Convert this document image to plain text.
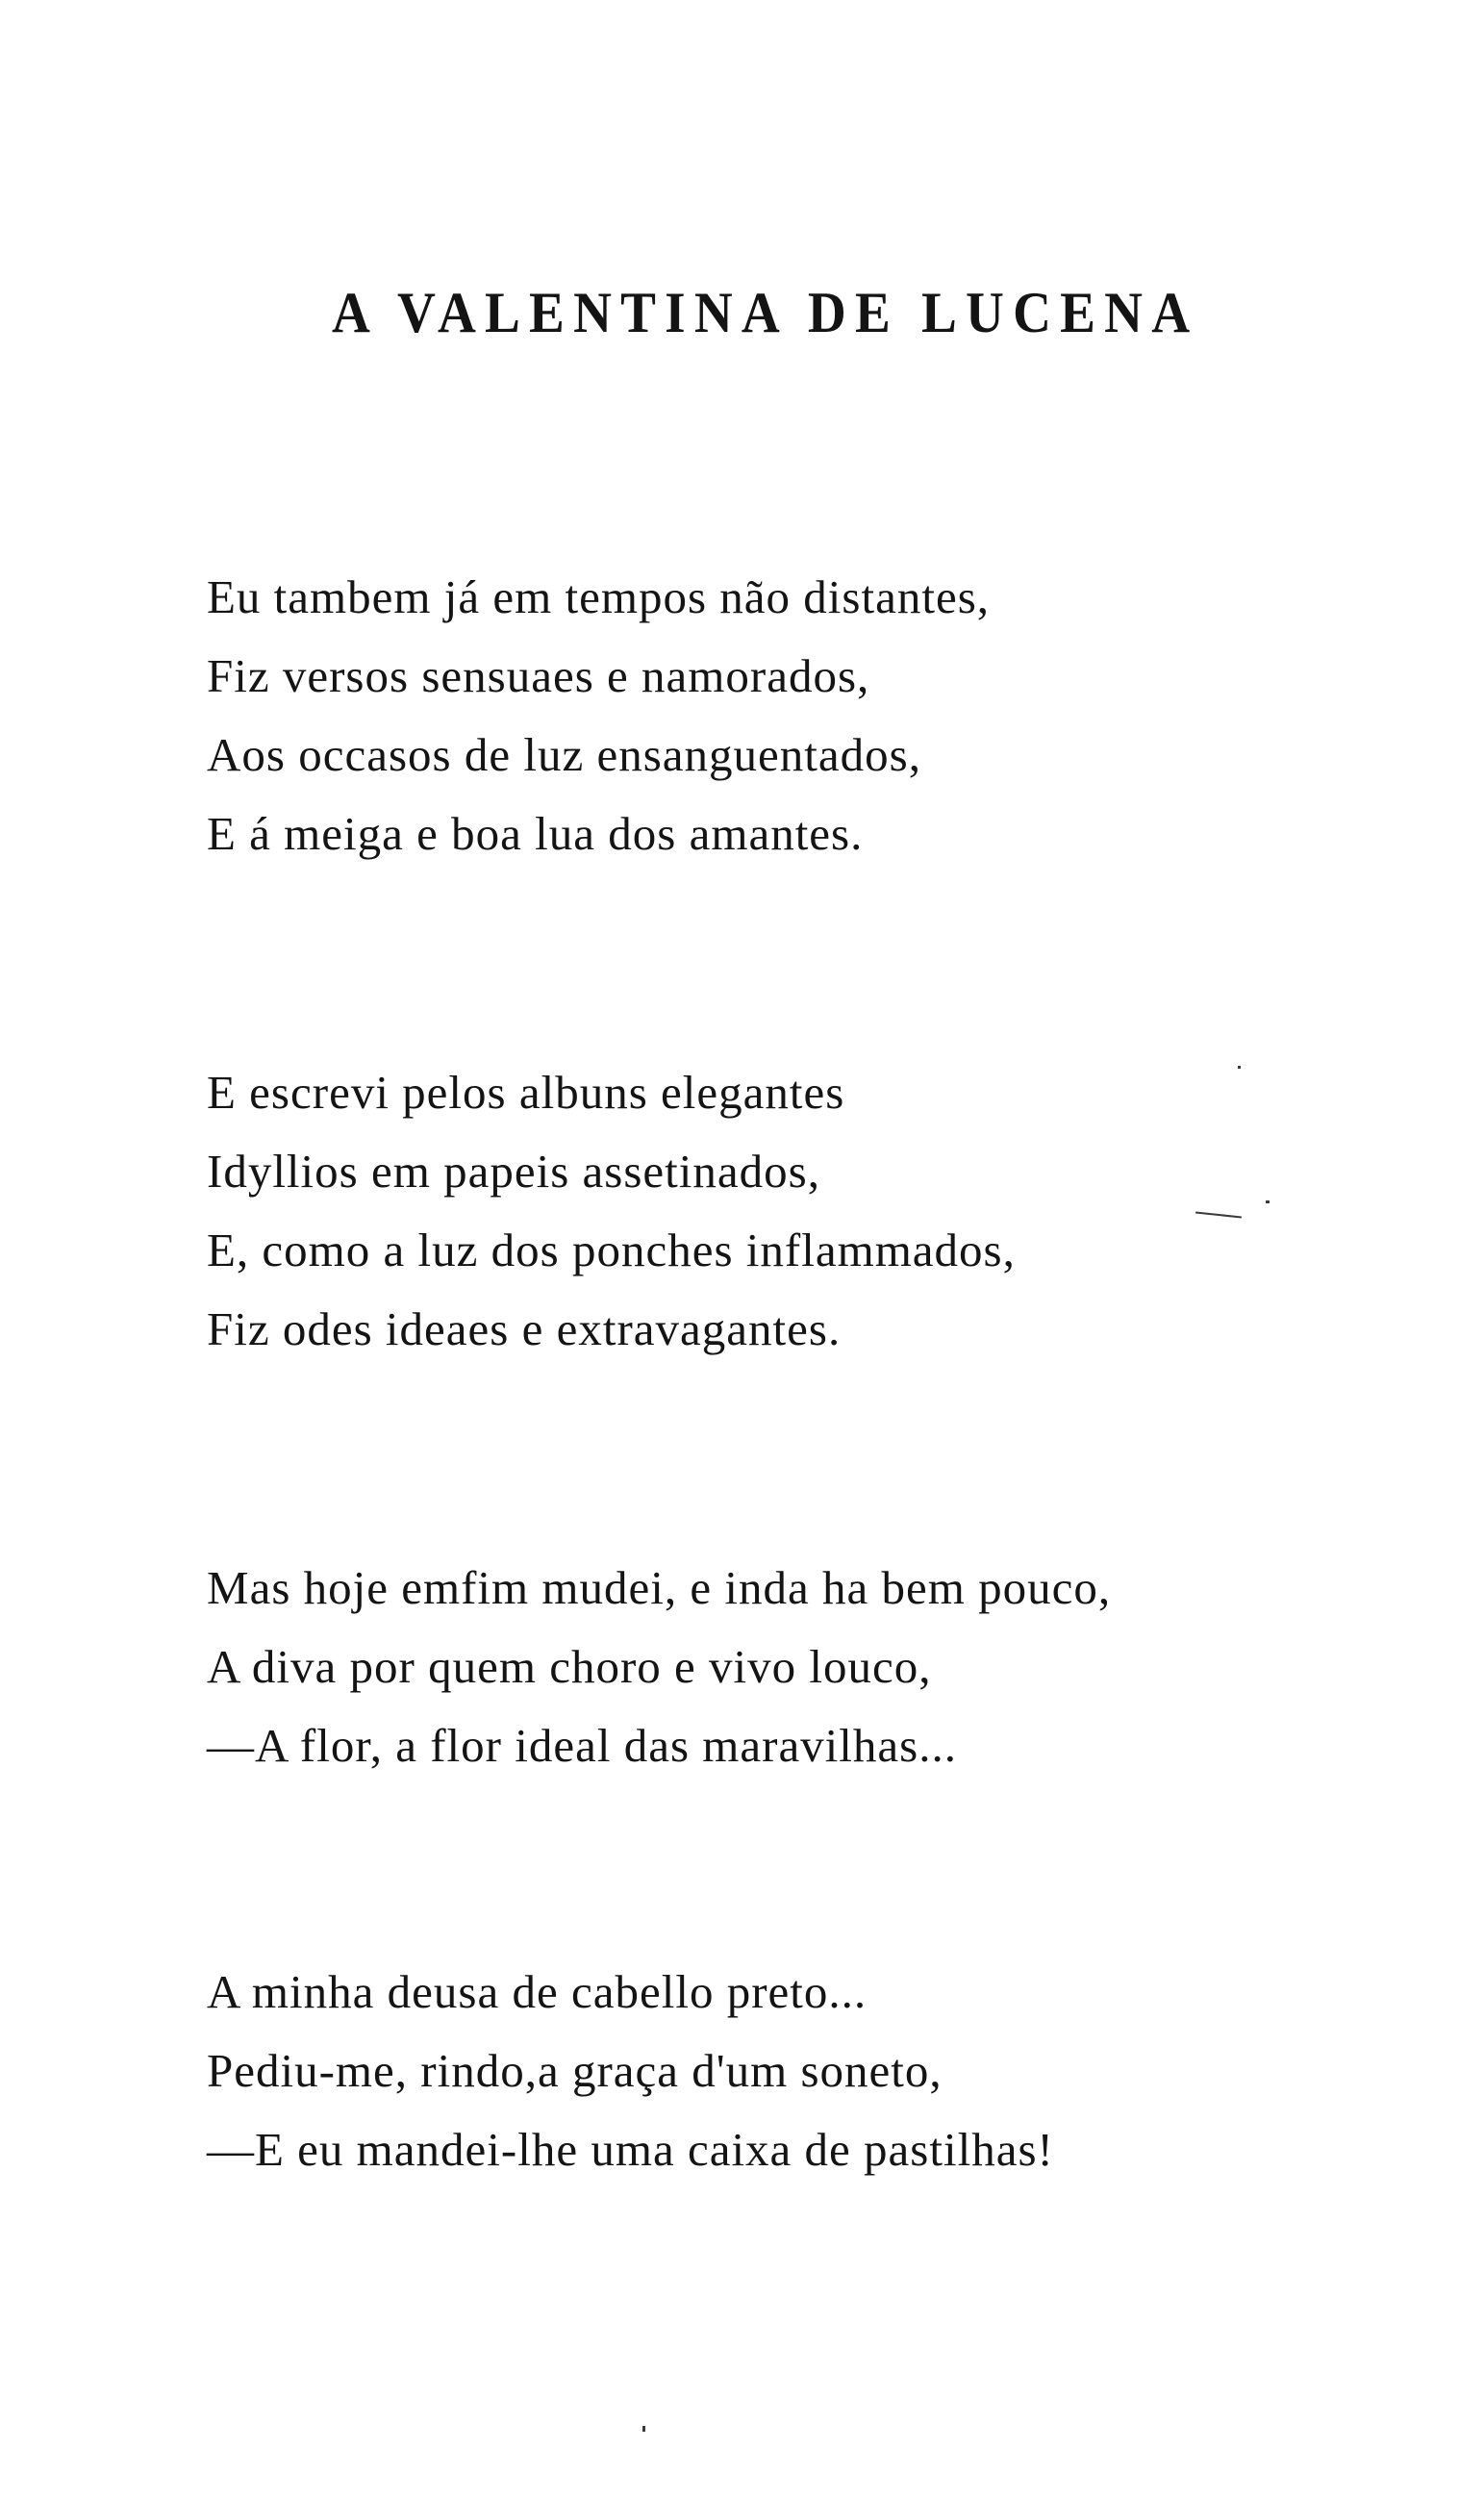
A VALENTINA DE LUCENA
Eu tambem já em tempos não distantes,
Fiz versos sensuaes e namorados,
Aos occasos de luz ensanguentados,
E á meiga e boa lua dos amantes.
E escrevi pelos albuns elegantes
Idyllios em papeis assetinados,
E, como a luz dos ponches inflammados,
Fiz odes ideaes e extravagantes.
Mas hoje emfim mudei, e inda ha bem pouco,
A diva por quem choro e vivo louco,
—A flor, a flor ideal das maravilhas...
A minha deusa de cabello preto...
Pediu-me, rindo,a graça d'um soneto,
—E eu mandei-lhe uma caixa de pastilhas!
